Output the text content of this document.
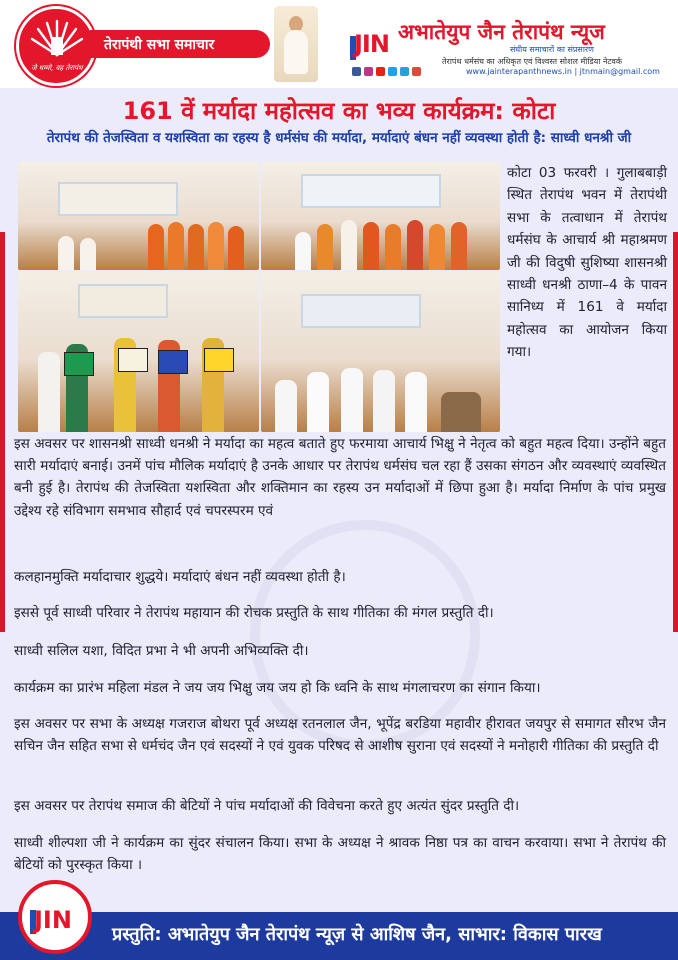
जे धम्मो, वह तेरापंथ
तेरापंथी सभा समाचार	JIN अभातेयुप जैन तेरापंथ न्यूज
संघीय समाचारों का संप्रसारण
तेरापंथ धर्मसंघ का अधिकृत एवं विश्वस्त सोशल मीडिया नेटवर्क
www.jainterapanthnews.in | jtnmain@gmail.com
161 वें मर्यादा महोत्सव का भव्य कार्यक्रम: कोटा
तेरापंथ की तेजस्विता व यशस्विता का रहस्य है धर्मसंघ की मर्यादा, मर्यादाएं बंधन नहीं व्यवस्था होती है: साध्वी धनश्री जी

कोटा 03 फरवरी । गुलाबबाड़ी स्थित तेरापंथ भवन में तेरापंथी सभा के तत्वाधान में तेरापंथ धर्मसंघ के आचार्य श्री महाश्रमण जी की विदुषी सुशिष्या शासनश्री साध्वी धनश्री ठाणा–4 के पावन सानिध्य में 161 वे मर्यादा महोत्सव का आयोजन किया गया।

इस अवसर पर शासनश्री साध्वी धनश्री ने मर्यादा का महत्व बताते हुए फरमाया आचार्य भिक्षु ने नेतृत्व को बहुत महत्व दिया। उन्होंने बहुत सारी मर्यादाएं बनाई। उनमें पांच मौलिक मर्यादाएं है उनके आधार पर तेरापंथ धर्मसंघ चल रहा हैं उसका संगठन और व्यवस्थाएं व्यवस्थित बनी हुई है। तेरापंथ की तेजस्विता यशस्विता और शक्तिमान का रहस्य उन मर्यादाओं में छिपा हुआ है। मर्यादा निर्माण के पांच प्रमुख उद्देश्य रहे संविभाग समभाव सौहार्द एवं चपरस्परम एवं

कलहानमुक्ति मर्यादाचार शुद्धये। मर्यादाएं बंधन नहीं व्यवस्था होती है।

इससे पूर्व साध्वी परिवार ने तेरापंथ महायान की रोचक प्रस्तुति के साथ गीतिका की मंगल प्रस्तुति दी।

साध्वी सलिल यशा, विदित प्रभा ने भी अपनी अभिव्यक्ति दी।

कार्यक्रम का प्रारंभ महिला मंडल ने जय जय भिक्षु जय जय हो कि ध्वनि के साथ मंगलाचरण का संगान किया।

इस अवसर पर सभा के अध्यक्ष गजराज बोथरा पूर्व अध्यक्ष रतनलाल जैन, भूपेंद्र बरडिया महावीर हीरावत जयपुर से समागत सौरभ जैन सचिन जैन सहित सभा से धर्मचंद जैन एवं सदस्यों ने एवं युवक परिषद से आशीष सुराना एवं सदस्यों ने मनोहारी गीतिका की प्रस्तुति दी

इस अवसर पर तेरापंथ समाज की बेटियों ने पांच मर्यादाओं की विवेचना करते हुए अत्यंत सुंदर प्रस्तुति दी।

साध्वी शील्पशा जी ने कार्यक्रम का सुंदर संचालन किया। सभा के अध्यक्ष ने श्रावक निष्ठा पत्र का वाचन करवाया। सभा ने तेरापंथ की बेटियों को पुरस्कृत किया ।

JIN
प्रस्तुति: अभातेयुप जैन तेरापंथ न्यूज़ से आशिष जैन, साभार: विकास पारख
